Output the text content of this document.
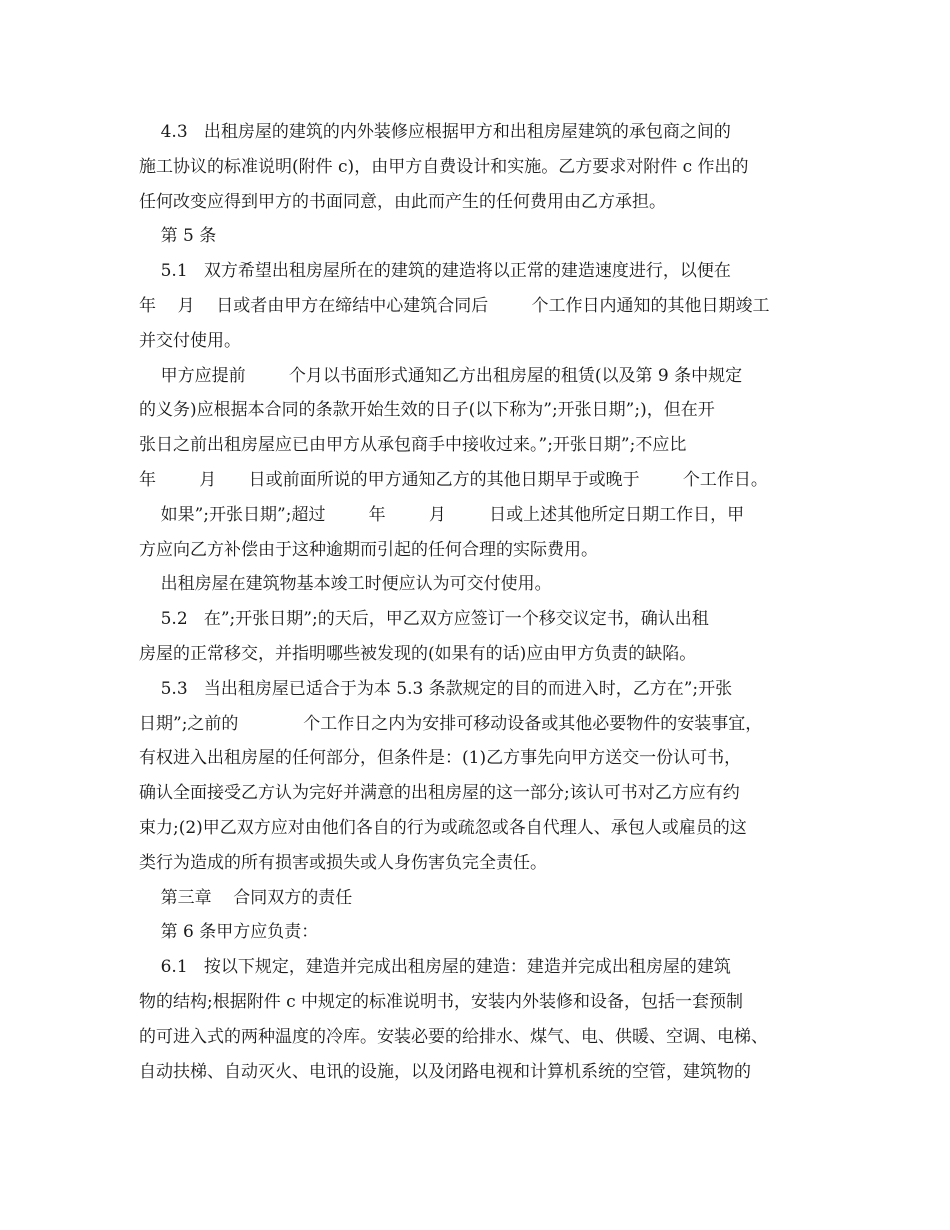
4.3   出租房屋的建筑的内外装修应根据甲方和出租房屋建筑的承包商之间的
施工协议的标准说明(附件 c)，由甲方自费设计和实施。乙方要求对附件 c 作出的
任何改变应得到甲方的书面同意，由此而产生的任何费用由乙方承担。
第 5 条
5.1   双方希望出租房屋所在的建筑的建造将以正常的建造速度进行，以便在
年    月    日或者由甲方在缔结中心建筑合同后        个工作日内通知的其他日期竣工
并交付使用。
甲方应提前        个月以书面形式通知乙方出租房屋的租赁(以及第 9 条中规定
的义务)应根据本合同的条款开始生效的日子(以下称为”;开张日期”;)，但在开
张日之前出租房屋应已由甲方从承包商手中接收过来。”;开张日期”;不应比
年        月      日或前面所说的甲方通知乙方的其他日期早于或晚于        个工作日。
如果”;开张日期”;超过        年        月        日或上述其他所定日期工作日，甲
方应向乙方补偿由于这种逾期而引起的任何合理的实际费用。
出租房屋在建筑物基本竣工时便应认为可交付使用。
5.2   在”;开张日期”;的天后，甲乙双方应签订一个移交议定书，确认出租
房屋的正常移交，并指明哪些被发现的(如果有的话)应由甲方负责的缺陷。
5.3   当出租房屋已适合于为本 5.3 条款规定的目的而进入时，乙方在”;开张
日期”;之前的            个工作日之内为安排可移动设备或其他必要物件的安装事宜，
有权进入出租房屋的任何部分，但条件是：(1)乙方事先向甲方送交一份认可书，
确认全面接受乙方认为完好并满意的出租房屋的这一部分;该认可书对乙方应有约
束力;(2)甲乙双方应对由他们各自的行为或疏忽或各自代理人、承包人或雇员的这
类行为造成的所有损害或损失或人身伤害负完全责任。
第三章    合同双方的责任
第 6 条甲方应负责：
6.1   按以下规定，建造并完成出租房屋的建造：建造并完成出租房屋的建筑
物的结构;根据附件 c 中规定的标准说明书，安装内外装修和设备，包括一套预制
的可进入式的两种温度的冷库。安装必要的给排水、煤气、电、供暖、空调、电梯、
自动扶梯、自动灭火、电讯的设施，以及闭路电视和计算机系统的空管，建筑物的
